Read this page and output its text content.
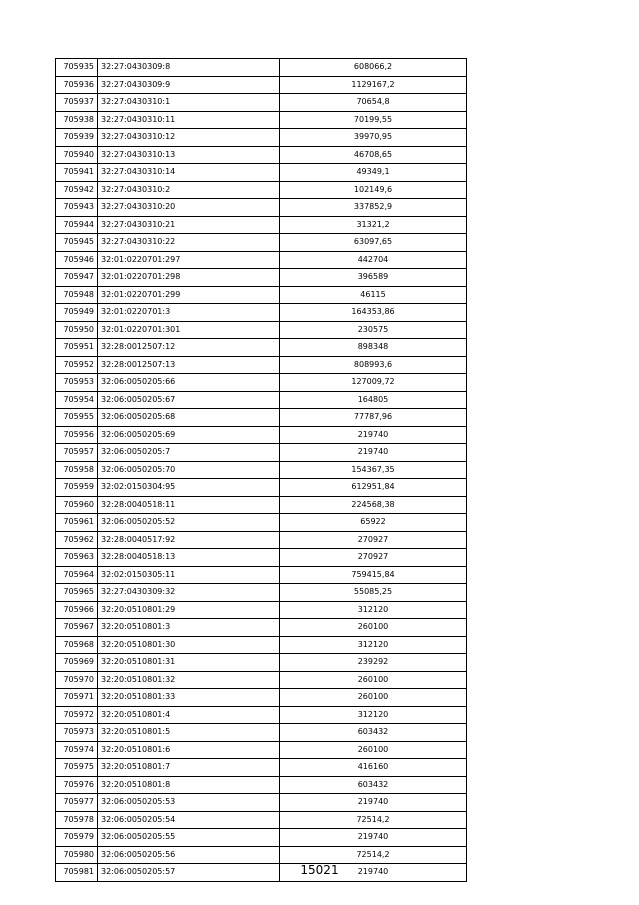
705935	32:27:0430309:8	608066,2
705936	32:27:0430309:9	1129167,2
705937	32:27:0430310:1	70654,8
705938	32:27:0430310:11	70199,55
705939	32:27:0430310:12	39970,95
705940	32:27:0430310:13	46708,65
705941	32:27:0430310:14	49349,1
705942	32:27:0430310:2	102149,6
705943	32:27:0430310:20	337852,9
705944	32:27:0430310:21	31321,2
705945	32:27:0430310:22	63097,65
705946	32:01:0220701:297	442704
705947	32:01:0220701:298	396589
705948	32:01:0220701:299	46115
705949	32:01:0220701:3	164353,86
705950	32:01:0220701:301	230575
705951	32:28:0012507:12	898348
705952	32:28:0012507:13	808993,6
705953	32:06:0050205:66	127009,72
705954	32:06:0050205:67	164805
705955	32:06:0050205:68	77787,96
705956	32:06:0050205:69	219740
705957	32:06:0050205:7	219740
705958	32:06:0050205:70	154367,35
705959	32:02:0150304:95	612951,84
705960	32:28:0040518:11	224568,38
705961	32:06:0050205:52	65922
705962	32:28:0040517:92	270927
705963	32:28:0040518:13	270927
705964	32:02:0150305:11	759415,84
705965	32:27:0430309:32	55085,25
705966	32:20:0510801:29	312120
705967	32:20:0510801:3	260100
705968	32:20:0510801:30	312120
705969	32:20:0510801:31	239292
705970	32:20:0510801:32	260100
705971	32:20:0510801:33	260100
705972	32:20:0510801:4	312120
705973	32:20:0510801:5	603432
705974	32:20:0510801:6	260100
705975	32:20:0510801:7	416160
705976	32:20:0510801:8	603432
705977	32:06:0050205:53	219740
705978	32:06:0050205:54	72514,2
705979	32:06:0050205:55	219740
705980	32:06:0050205:56	72514,2
705981	32:06:0050205:57	219740
15021
